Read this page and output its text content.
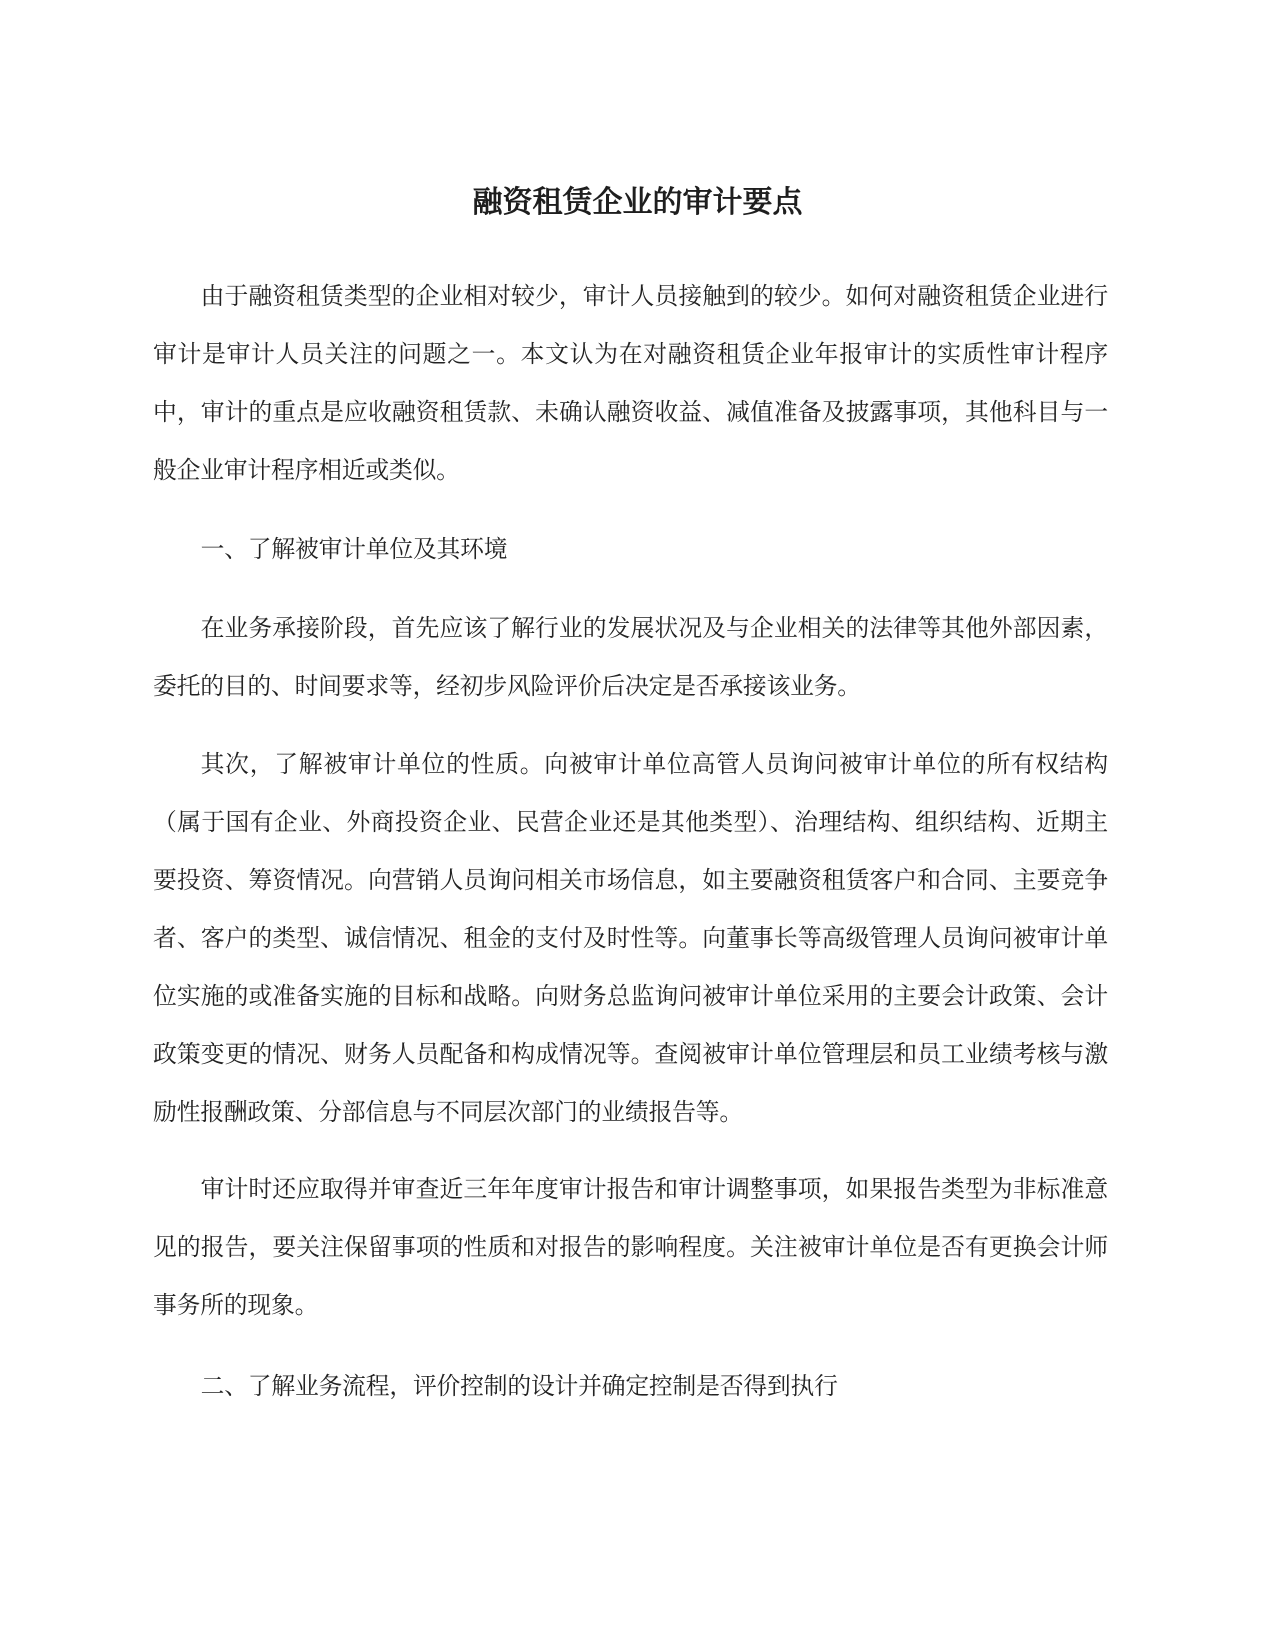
融资租赁企业的审计要点

由于融资租赁类型的企业相对较少，审计人员接触到的较少。如何对融资租赁企业进行审计是审计人员关注的问题之一。本文认为在对融资租赁企业年报审计的实质性审计程序中，审计的重点是应收融资租赁款、未确认融资收益、减值准备及披露事项，其他科目与一般企业审计程序相近或类似。

一、了解被审计单位及其环境

在业务承接阶段，首先应该了解行业的发展状况及与企业相关的法律等其他外部因素，委托的目的、时间要求等，经初步风险评价后决定是否承接该业务。

其次，了解被审计单位的性质。向被审计单位高管人员询问被审计单位的所有权结构（属于国有企业、外商投资企业、民营企业还是其他类型）、治理结构、组织结构、近期主要投资、筹资情况。向营销人员询问相关市场信息，如主要融资租赁客户和合同、主要竞争者、客户的类型、诚信情况、租金的支付及时性等。向董事长等高级管理人员询问被审计单位实施的或准备实施的目标和战略。向财务总监询问被审计单位采用的主要会计政策、会计政策变更的情况、财务人员配备和构成情况等。查阅被审计单位管理层和员工业绩考核与激励性报酬政策、分部信息与不同层次部门的业绩报告等。

审计时还应取得并审查近三年年度审计报告和审计调整事项，如果报告类型为非标准意见的报告，要关注保留事项的性质和对报告的影响程度。关注被审计单位是否有更换会计师事务所的现象。

二、了解业务流程，评价控制的设计并确定控制是否得到执行
